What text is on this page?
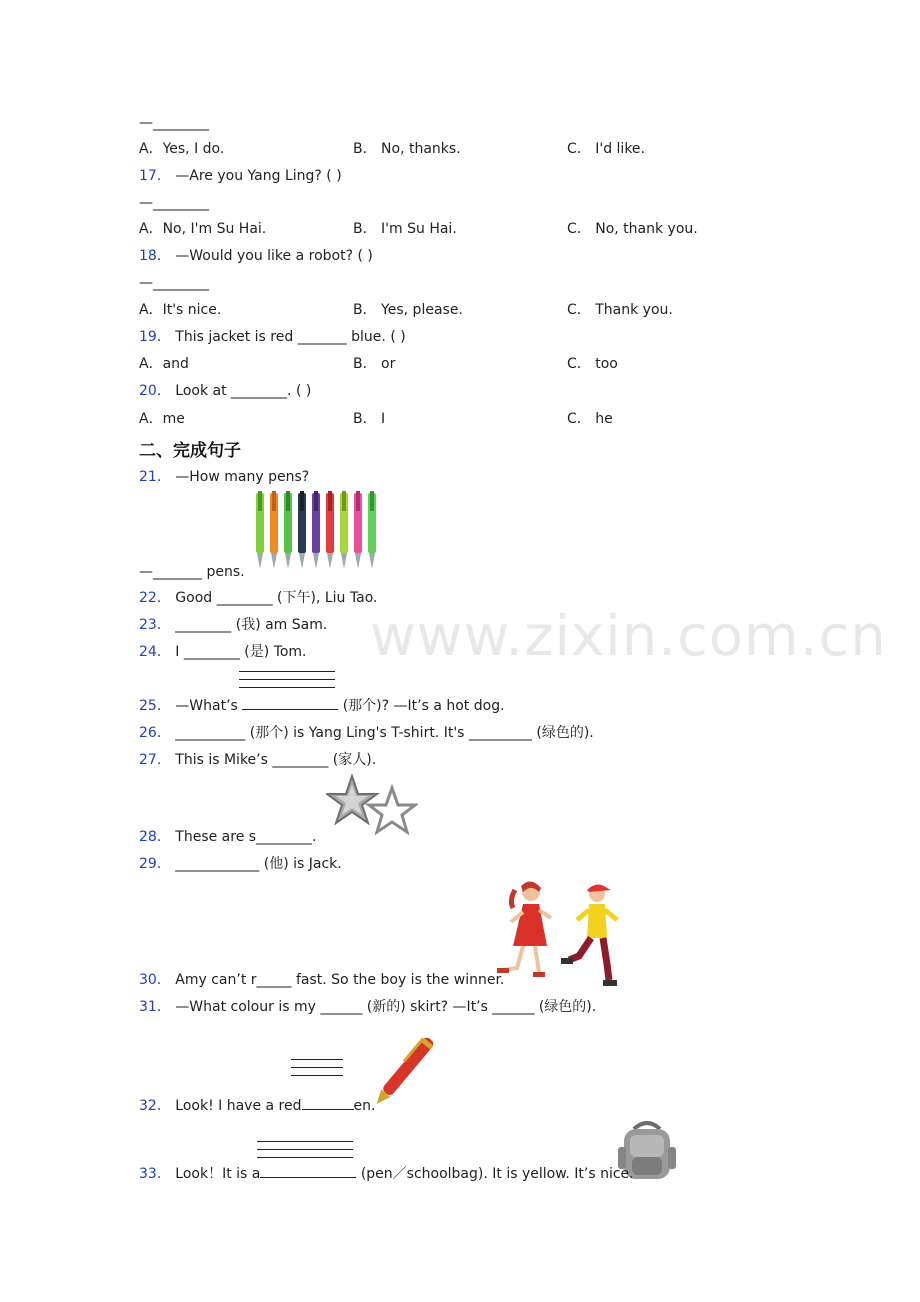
www.zixin.com.cn
—________
A．Yes, I do.	B． No, thanks.	C． I'd like.
17． —Are you Yang Ling? ( )
—________
A．No, I'm Su Hai.	B． I'm Su Hai.	C． No, thank you.
18． —Would you like a robot? ( )
—________
A．It's nice.	B． Yes, please.	C． Thank you.
19． This jacket is red _______ blue. ( )
A．and	B． or	C． too
20． Look at ________. ( )
A．me	B． I	C． he
二、完成句子
21． —How many pens?
—_______ pens.
22． Good ________ (下午), Liu Tao.
23． ________ (我) am Sam.
24． I ________ (是) Tom.
25． —What’s	(那个)? —It’s a hot dog.
26． __________ (那个) is Yang Ling's T-shirt. It's _________ (绿色的).
27． This is Mike’s ________ (家人).
28． These are s________.
29． ____________ (他) is Jack.
30． Amy can’t r_____ fast. So the boy is the winner.
31． —What colour is my ______ (新的) skirt? —It’s ______ (绿色的).
32． Look! I have a red	en.
33． Look！It is a	(pen／schoolbag). It is yellow. It’s nice.
